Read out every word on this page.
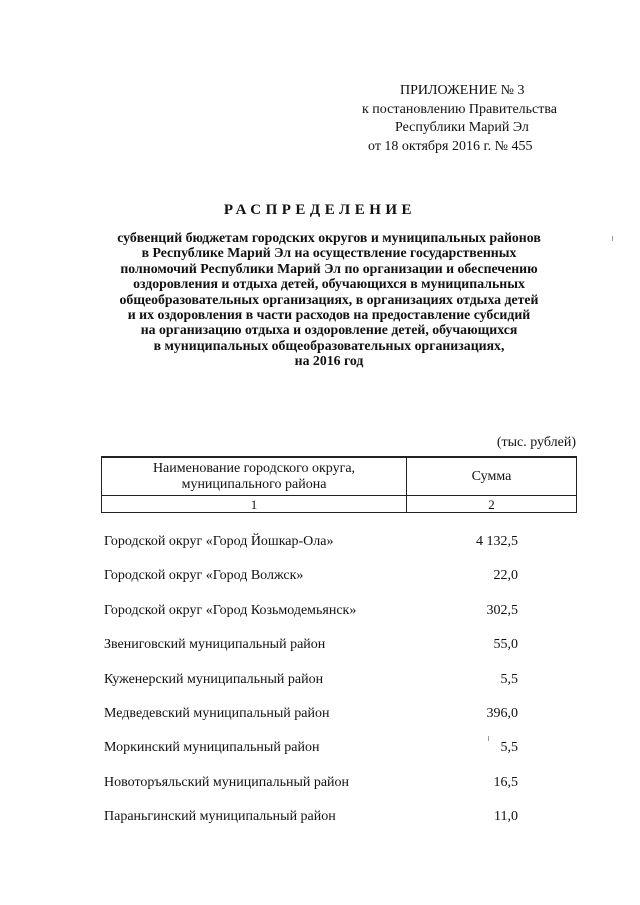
ПРИЛОЖЕНИЕ № 3
к постановлению Правительства
Республики Марий Эл
от 18 октября 2016 г. № 455
РАСПРЕДЕЛЕНИЕ
субвенций бюджетам городских округов и муниципальных районов
в Республике Марий Эл на осуществление государственных
полномочий Республики Марий Эл по организации и обеспечению
оздоровления и отдыха детей, обучающихся в муниципальных
общеобразовательных организациях, в организациях отдыха детей
и их оздоровления в части расходов на предоставление субсидий
на организацию отдыха и оздоровление детей, обучающихся
в муниципальных общеобразовательных организациях,
на 2016 год
(тыс. рублей)
Наименование городского округа,
муниципального района	Сумма
1	2
Городской округ «Город Йошкар-Ола»	4 132,5
Городской округ «Город Волжск»	22,0
Городской округ «Город Козьмодемьянск»	302,5
Звениговский муниципальный район	55,0
Куженерский муниципальный район	5,5
Медведевский муниципальный район	396,0
Моркинский муниципальный район	5,5
Новоторъяльский муниципальный район	16,5
Параньгинский муниципальный район	11,0
